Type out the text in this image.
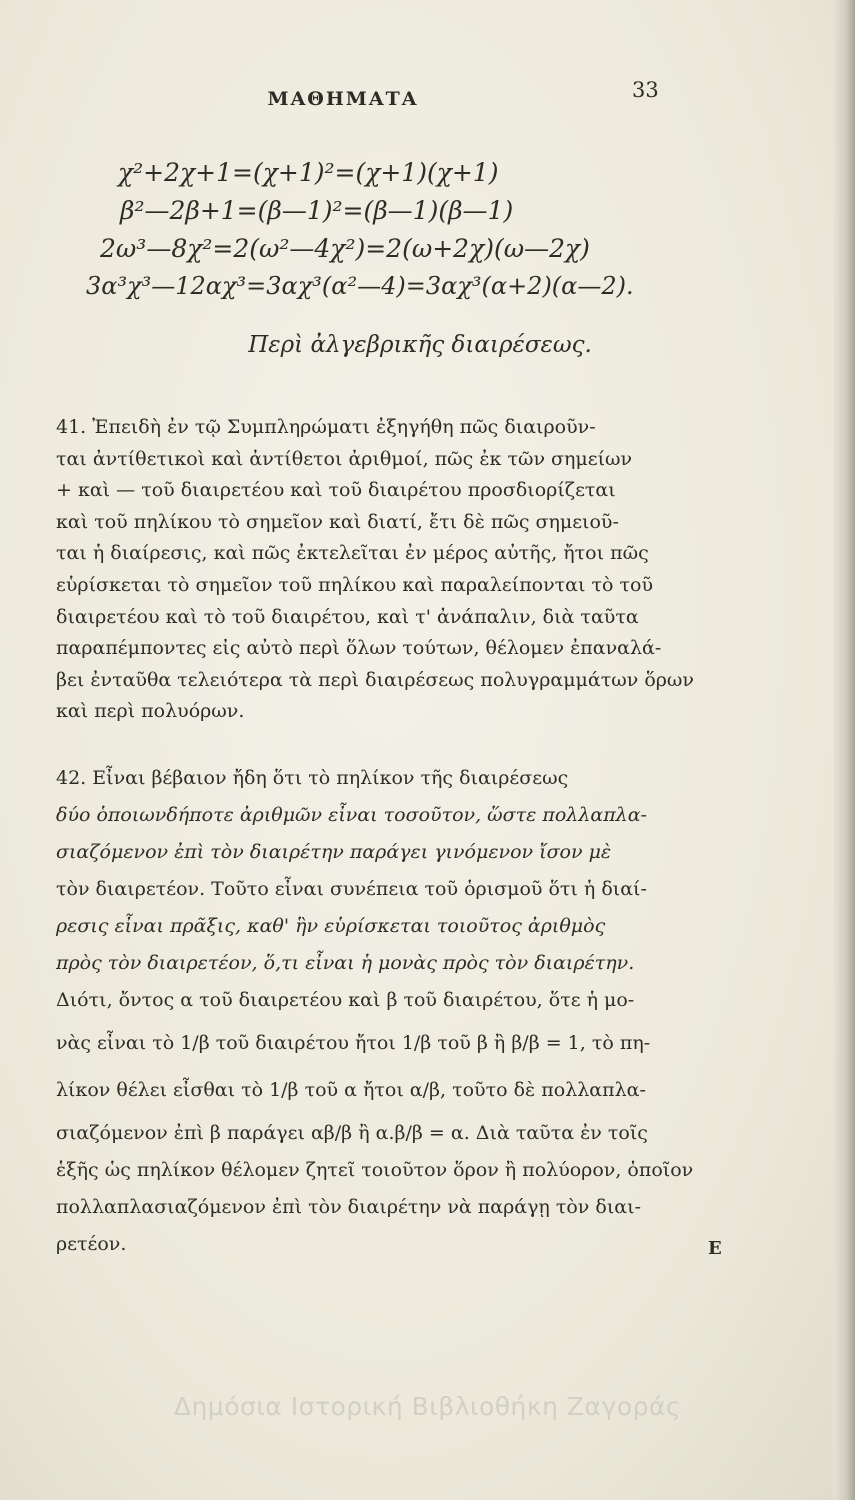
ΜΑΘΗΜΑΤΑ	33
χ²+2χ+1=(χ+1)²=(χ+1)(χ+1)
β²—2β+1=(β—1)²=(β—1)(β—1)
2ω³—8χ²=2(ω²—4χ²)=2(ω+2χ)(ω—2χ)
3α³χ³—12αχ³=3αχ³(α²—4)=3αχ³(α+2)(α—2).
Περὶ ἀλγεβρικῆς διαιρέσεως.
41. Ἐπειδὴ ἐν τῷ Συμπληρώματι ἐξηγήθη πῶς διαιροῦν-
ται ἀντίθετικοὶ καὶ ἀντίθετοι ἀριθμοί, πῶς ἐκ τῶν σημείων
+ καὶ — τοῦ διαιρετέου καὶ τοῦ διαιρέτου προσδιορίζεται
καὶ τοῦ πηλίκου τὸ σημεῖον καὶ διατί, ἔτι δὲ πῶς σημειοῦ-
ται ἡ διαίρεσις, καὶ πῶς ἐκτελεῖται ἐν μέρος αὐτῆς, ἤτοι πῶς
εὑρίσκεται τὸ σημεῖον τοῦ πηλίκου καὶ παραλείπονται τὸ τοῦ
διαιρετέου καὶ τὸ τοῦ διαιρέτου, καὶ τ' ἀνάπαλιν, διὰ ταῦτα
παραπέμποντες εἰς αὐτὸ περὶ ὅλων τούτων, θέλομεν ἐπαναλά-
βει ἐνταῦθα τελειότερα τὰ περὶ διαιρέσεως πολυγραμμάτων ὅρων
καὶ περὶ πολυόρων.
42. Εἶναι βέβαιον ἤδη ὅτι τὸ πηλίκον τῆς διαιρέσεως
δύο ὁποιωνδήποτε ἀριθμῶν εἶναι τοσοῦτον, ὥστε πολλαπλα-
σιαζόμενον ἐπὶ τὸν διαιρέτην παράγει γινόμενον ἴσον μὲ
τὸν διαιρετέον. Τοῦτο εἶναι συνέπεια τοῦ ὁρισμοῦ ὅτι ἡ διαί-
ρεσις εἶναι πρᾶξις, καθ' ἣν εὑρίσκεται τοιοῦτος ἀριθμὸς
πρὸς τὸν διαιρετέον, ὅ,τι εἶναι ἡ μονὰς πρὸς τὸν διαιρέτην.
Διότι, ὄντος α τοῦ διαιρετέου καὶ β τοῦ διαιρέτου, ὅτε ἡ μο-
νὰς εἶναι τὸ 1/β τοῦ διαιρέτου ἤτοι 1/β τοῦ β ἢ β/β = 1, τὸ πη-
λίκον θέλει εἶσθαι τὸ 1/β τοῦ α ἤτοι α/β, τοῦτο δὲ πολλαπλα-
σιαζόμενον ἐπὶ β παράγει αβ/β ἢ α.β/β = α. Διὰ ταῦτα ἐν τοῖς
ἑξῆς ὡς πηλίκον θέλομεν ζητεῖ τοιοῦτον ὅρον ἢ πολύορον, ὁποῖον
πολλαπλασιαζόμενον ἐπὶ τὸν διαιρέτην νὰ παράγῃ τὸν διαι-
ρετέον.	E
Δημόσια Ιστορική Βιβλιοθήκη Ζαγοράς
